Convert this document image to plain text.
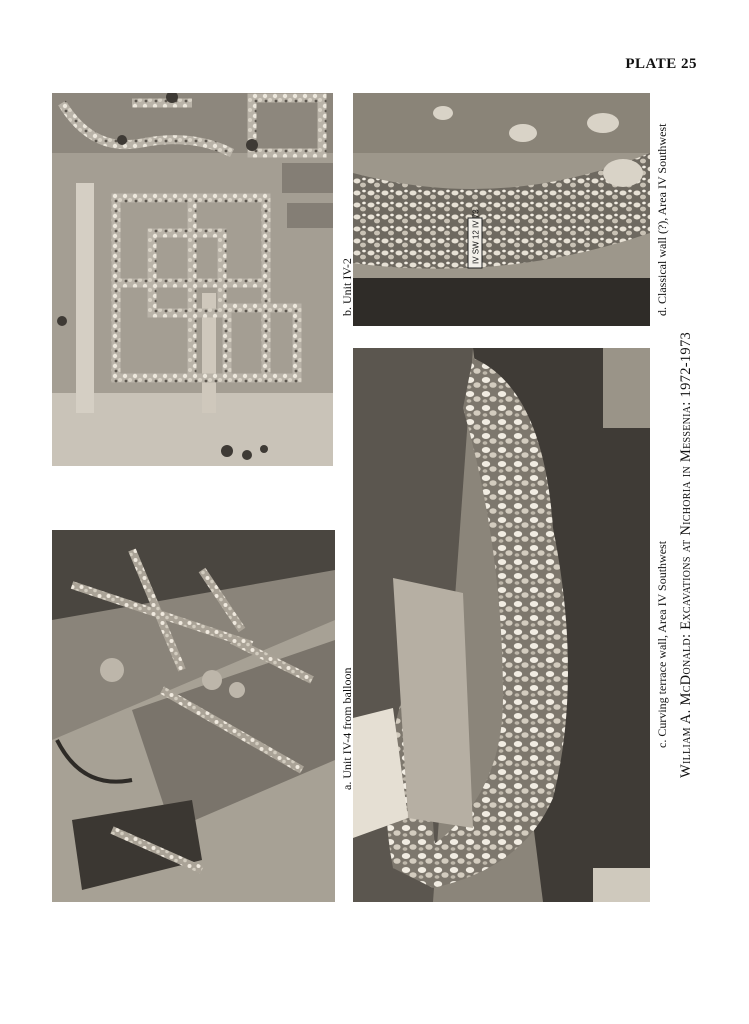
PLATE 25
IV SW 12 IV 73
b. Unit IV-2
a. Unit IV-4 from balloon
d. Classical wall (?), Area IV Southwest
c. Curving terrace wall, Area IV Southwest William A. McDonald: Excavations at Nichoria in Messenia: 1972-1973
